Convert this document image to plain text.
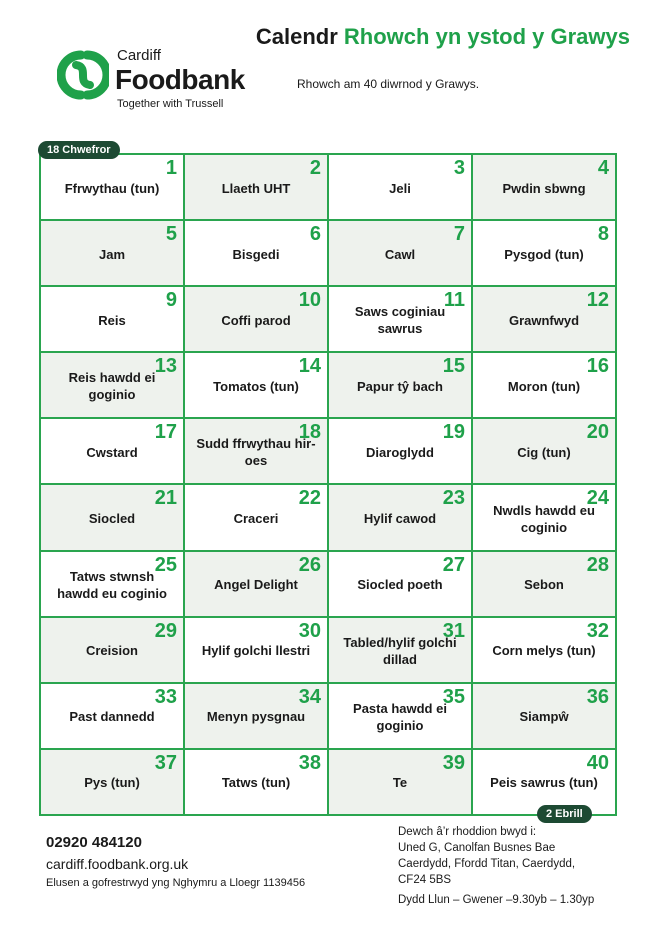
Cardiff
Foodbank
Together with Trussell
Calendr Rhowch yn ystod y Grawys
Rhowch am 40 diwrnod y Grawys.
1
Ffrwythau (tun)
2
Llaeth UHT
3
Jeli
4
Pwdin sbwng
5
Jam
6
Bisgedi
7
Cawl
8
Pysgod (tun)
9
Reis
10
Coffi parod
11
Saws coginiau sawrus
12
Grawnfwyd
13
Reis hawdd ei goginio
14
Tomatos (tun)
15
Papur tŷ bach
16
Moron (tun)
17
Cwstard
18
Sudd ffrwythau hir-oes
19
Diaroglydd
20
Cig (tun)
21
Siocled
22
Craceri
23
Hylif cawod
24
Nwdls hawdd eu coginio
25
Tatws stwnsh hawdd eu coginio
26
Angel Delight
27
Siocled poeth
28
Sebon
29
Creision
30
Hylif golchi llestri
31
Tabled/hylif golchi dillad
32
Corn melys (tun)
33
Past dannedd
34
Menyn pysgnau
35
Pasta hawdd ei goginio
36
Siampŵ
37
Pys (tun)
38
Tatws (tun)
39
Te
40
Peis sawrus (tun)
18 Chwefror
2 Ebrill
02920 484120
cardiff.foodbank.org.uk
Elusen a gofrestrwyd yng Nghymru a Lloegr 1139456
Dewch â’r rhoddion bwyd i:
Uned G, Canolfan Busnes Bae
Caerdydd, Ffordd Titan, Caerdydd,
CF24 5BS
Dydd Llun – Gwener –9.30yb – 1.30yp
